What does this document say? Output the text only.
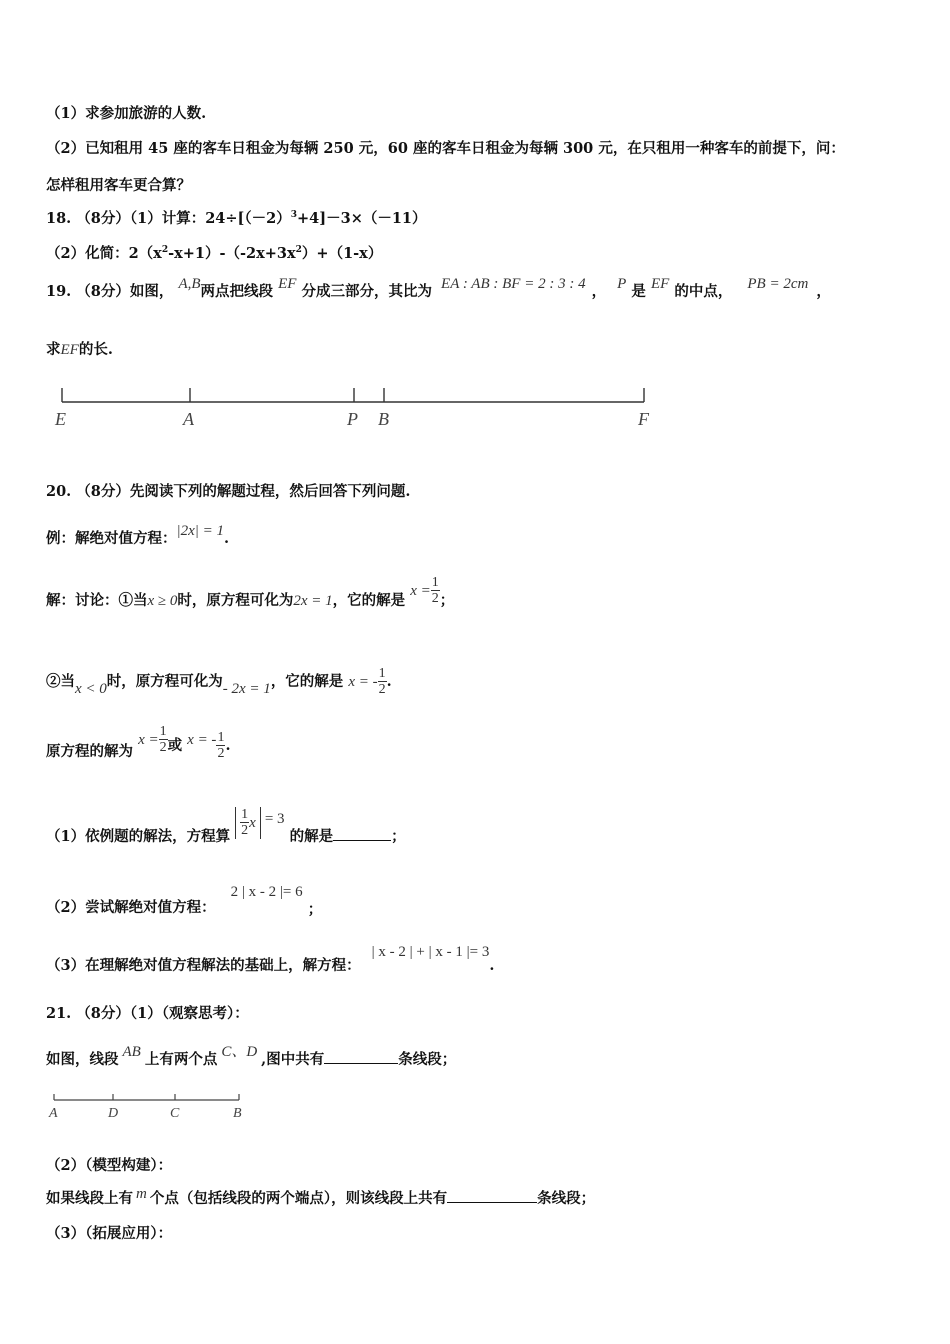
（1）求参加旅游的人数.
（2）已知租用 45 座的客车日租金为每辆 250 元，60 座的客车日租金为每辆 300 元，在只租用一种客车的前提下，问：
怎样租用客车更合算？
18. （8分）（1）计算：$24\div[(-2)^3+4]-3\times(-11)$
（2）化简：$2(x^2-x+1)-(-2x+3x^2)+(1-x)$
19. （8分）如图， A,B两点把线段 EF 分成三部分，其比为 EA : AB : BF = 2 : 3 : 4 ， P 是 EF 的中点， PB = 2cm ，
求EF的长.
E	A	P B	F
20. （8分）先阅读下列的解题过程，然后回答下列问题.
例：解绝对值方程：|2x| = 1.
解：讨论：①当x ≥ 0时，原方程可化为2x = 1，它的解是 $x = \frac{1}{2}$ ；
②当x < 0时，原方程可化为- 2x = 1，它的解是 x = - $\frac{1}{2}$ .
原方程的解为 $x = \frac{1}{2}$ 或 x = - $\frac{1}{2}$ .
（1）依例题的解法，方程算 $\frac{1}{2}$ x = 3 的解是	；
（2）尝试解绝对值方程： 2 | x - 2 |= 6 ；
（3）在理解绝对值方程解法的基础上，解方程： | x - 2 | + | x - 1 |= 3.
21. （8分）（1）（观察思考）：
如图，线段 AB 上有两个点 C、D ,图中共有	条线段；
A	D	C	B
（2）（模型构建）：
如果线段上有 m 个点（包括线段的两个端点），则该线段上共有	条线段；
（3）（拓展应用）：
